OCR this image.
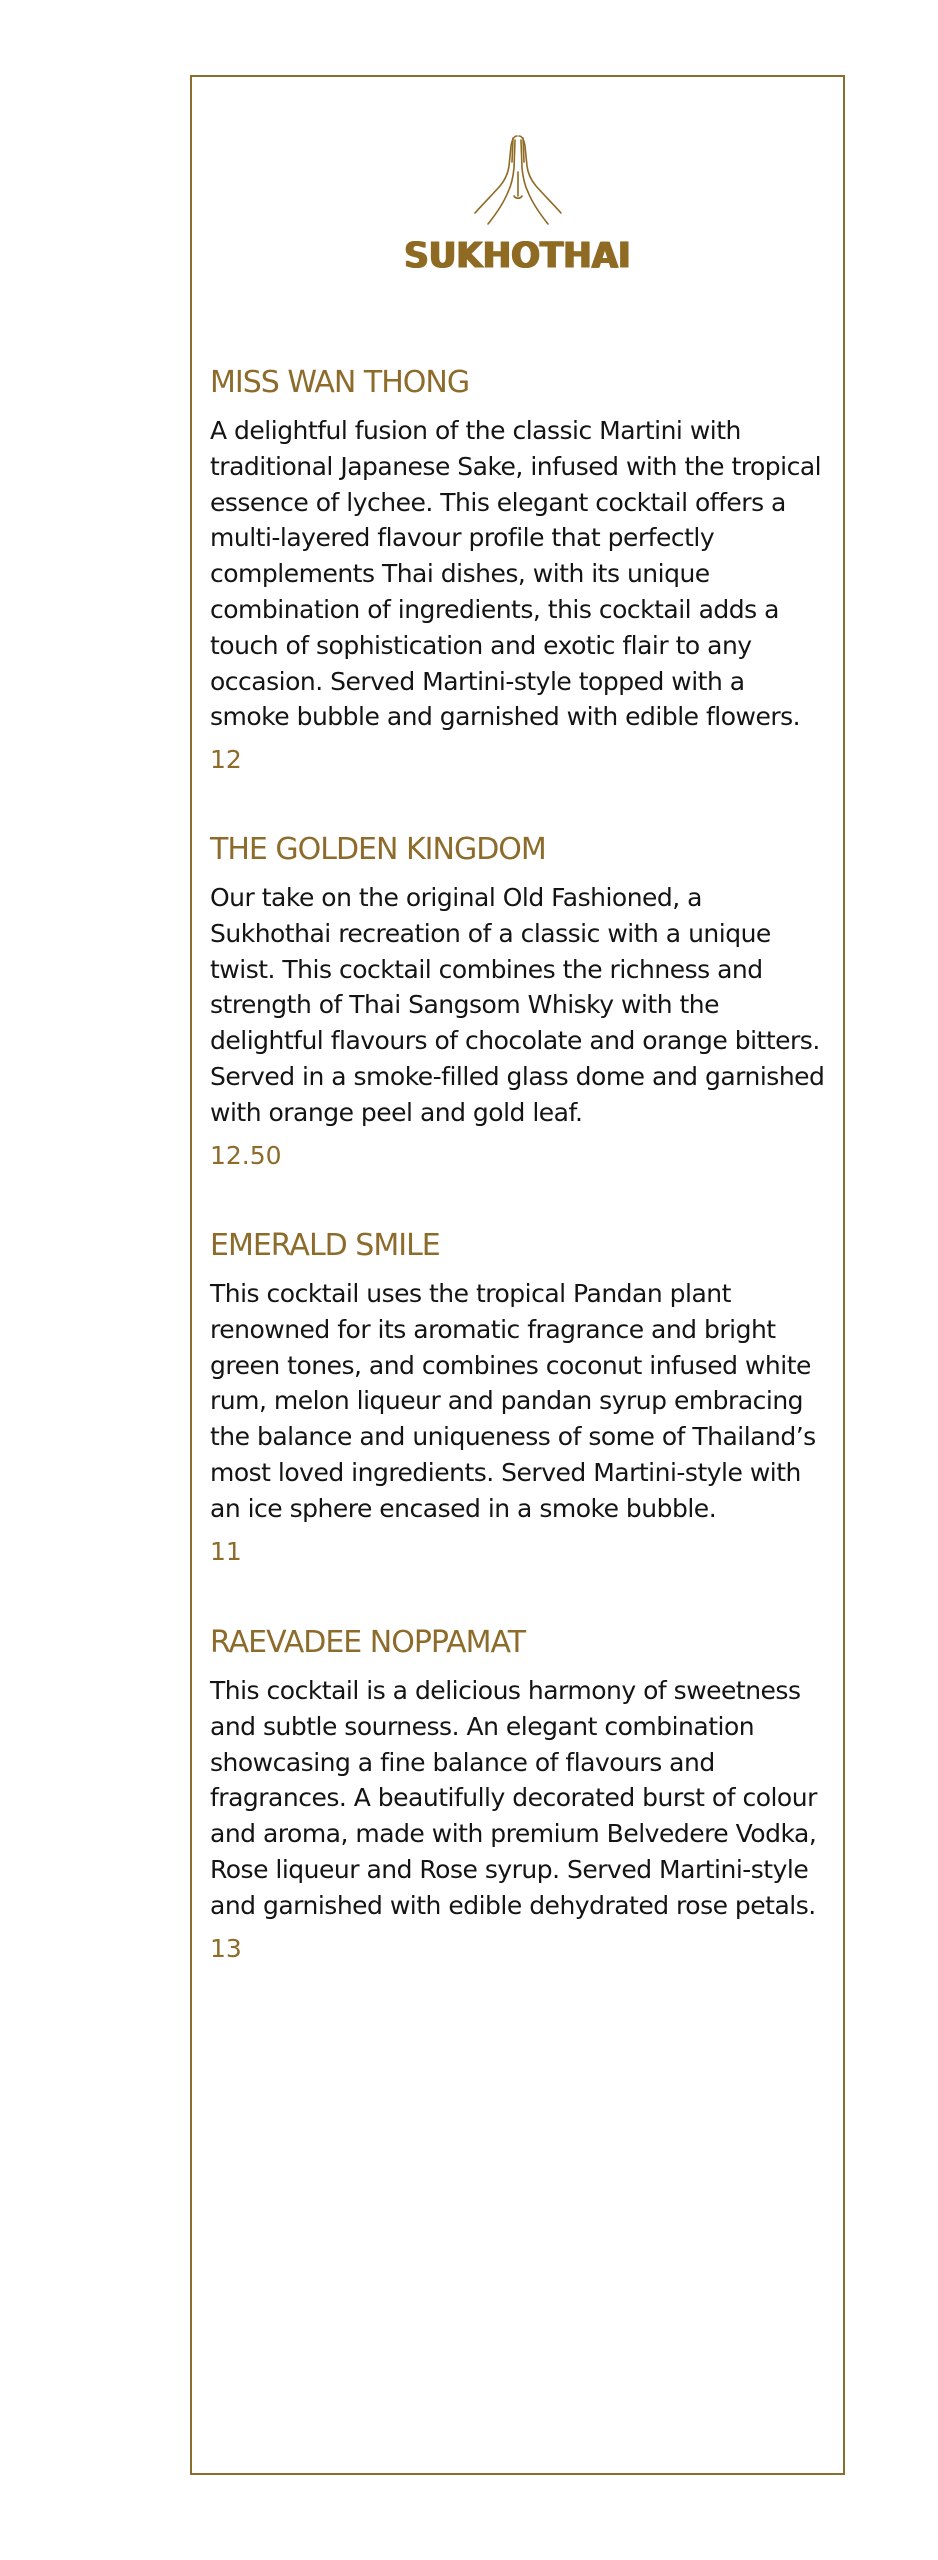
SUKHOTHAI
MISS WAN THONG

A delightful fusion of the classic Martini with traditional Japanese Sake, infused with the tropical essence of lychee. This elegant cocktail offers a multi-layered flavour profile that perfectly complements Thai dishes, with its unique combination of ingredients, this cocktail adds a touch of sophistication and exotic flair to any occasion. Served Martini-style topped with a smoke bubble and garnished with edible flowers.

12
THE GOLDEN KINGDOM

Our take on the original Old Fashioned, a Sukhothai recreation of a classic with a unique twist. This cocktail combines the richness and strength of Thai Sangsom Whisky with the delightful flavours of chocolate and orange bitters. Served in a smoke-filled glass dome and garnished with orange peel and gold leaf.

12.50
EMERALD SMILE

This cocktail uses the tropical Pandan plant renowned for its aromatic fragrance and bright green tones, and combines coconut infused white rum, melon liqueur and pandan syrup embracing the balance and uniqueness of some of Thailand’s most loved ingredients. Served Martini-style with an ice sphere encased in a smoke bubble.

11
RAEVADEE NOPPAMAT

This cocktail is a delicious harmony of sweetness and subtle sourness. An elegant combination showcasing a fine balance of flavours and fragrances. A beautifully decorated burst of colour and aroma, made with premium Belvedere Vodka, Rose liqueur and Rose syrup. Served Martini-style and garnished with edible dehydrated rose petals.

13
